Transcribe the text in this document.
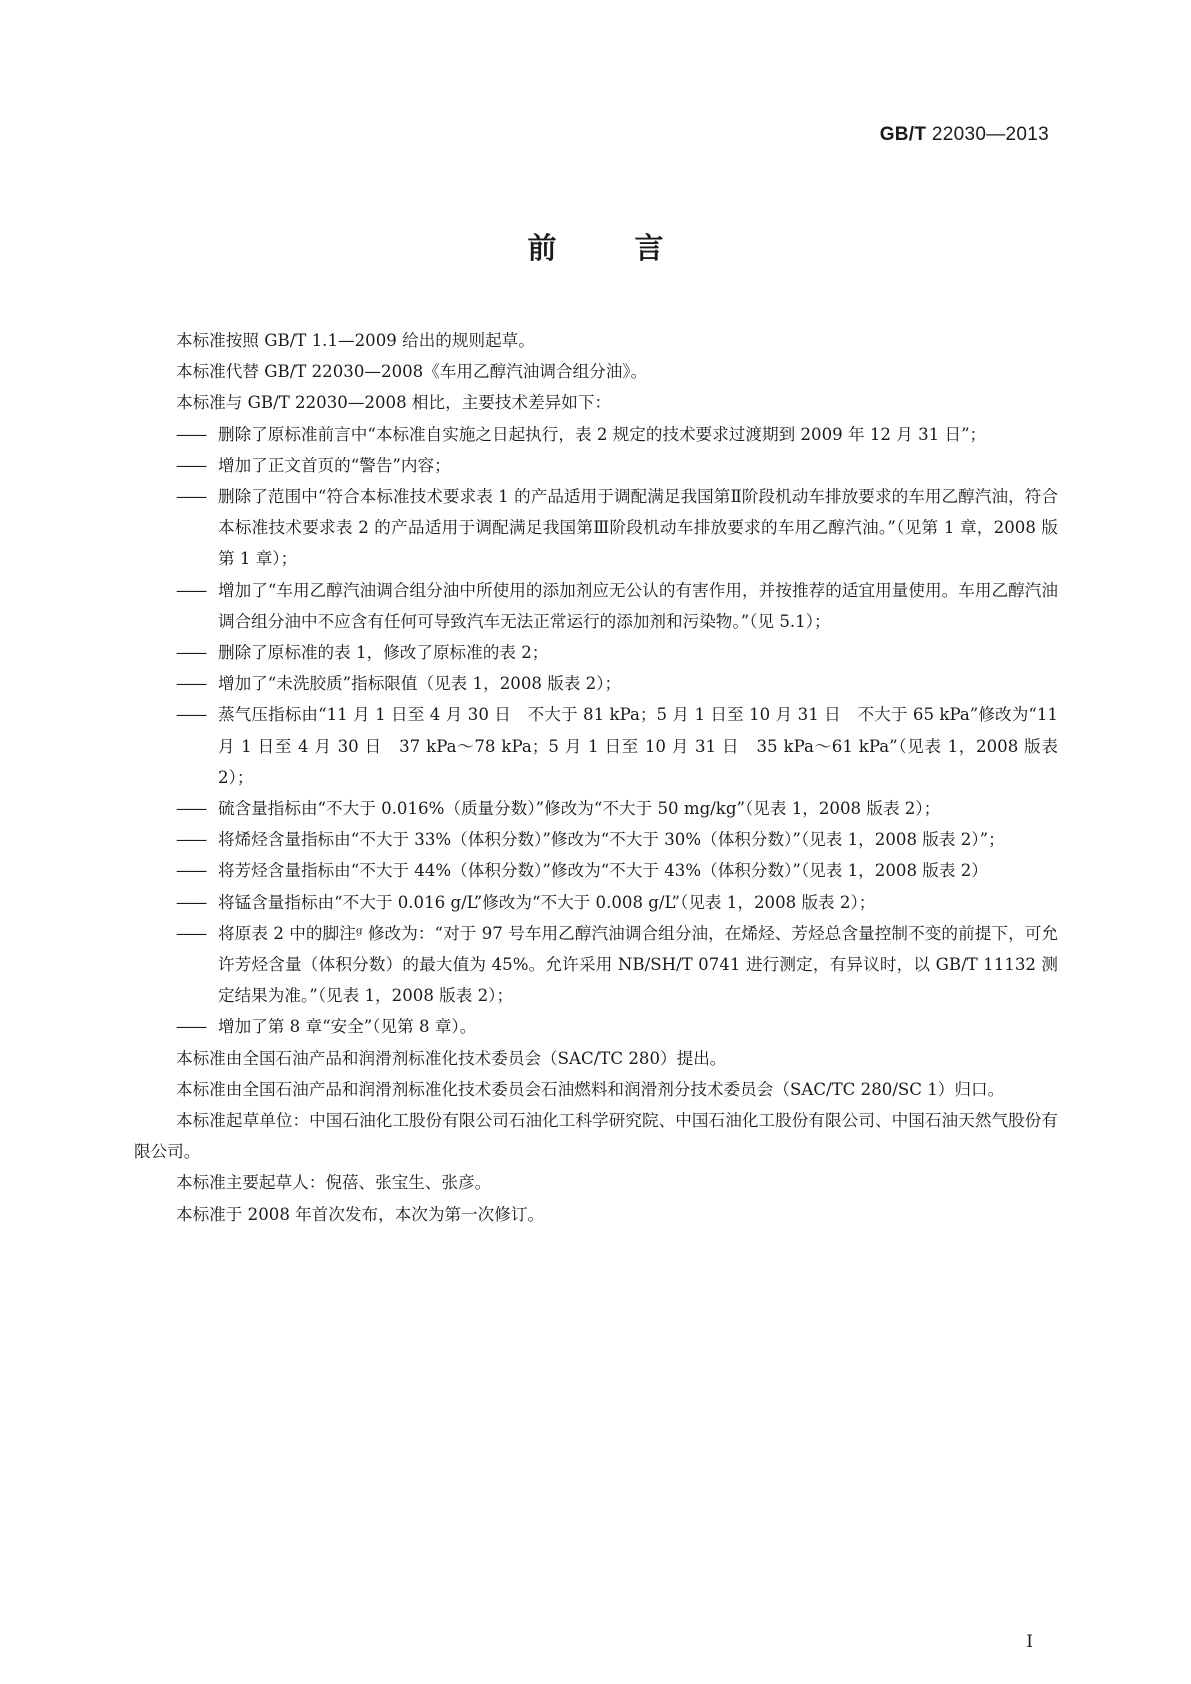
GB/T 22030—2013
前 言

本标准按照 GB/T 1.1—2009 给出的规则起草。

本标准代替 GB/T 22030—2008《车用乙醇汽油调合组分油》。

本标准与 GB/T 22030—2008 相比，主要技术差异如下：

—— 删除了原标准前言中“本标准自实施之日起执行，表 2 规定的技术要求过渡期到 2009 年 12 月 31 日”；
—— 增加了正文首页的“警告”内容；
—— 删除了范围中“符合本标准技术要求表 1 的产品适用于调配满足我国第Ⅱ阶段机动车排放要求的车用乙醇汽油，符合本标准技术要求表 2 的产品适用于调配满足我国第Ⅲ阶段机动车排放要求的车用乙醇汽油。”（见第 1 章，2008 版第 1 章）；
—— 增加了“车用乙醇汽油调合组分油中所使用的添加剂应无公认的有害作用，并按推荐的适宜用量使用。车用乙醇汽油调合组分油中不应含有任何可导致汽车无法正常运行的添加剂和污染物。”（见 5.1）；
—— 删除了原标准的表 1，修改了原标准的表 2；
—— 增加了“未洗胶质”指标限值（见表 1，2008 版表 2）；
—— 蒸气压指标由“11 月 1 日至 4 月 30 日　不大于 81 kPa；5 月 1 日至 10 月 31 日　不大于 65 kPa”修改为“11 月 1 日至 4 月 30 日　37 kPa～78 kPa；5 月 1 日至 10 月 31 日　35 kPa～61 kPa”（见表 1，2008 版表 2）；
—— 硫含量指标由“不大于 0.016%（质量分数）”修改为“不大于 50 mg/kg”（见表 1，2008 版表 2）；
—— 将烯烃含量指标由“不大于 33%（体积分数）”修改为“不大于 30%（体积分数）”（见表 1，2008 版表 2）”；
—— 将芳烃含量指标由“不大于 44%（体积分数）”修改为“不大于 43%（体积分数）”（见表 1，2008 版表 2）
—— 将锰含量指标由“不大于 0.016 g/L”修改为“不大于 0.008 g/L”（见表 1，2008 版表 2）；
—— 将原表 2 中的脚注ᵍ 修改为：“对于 97 号车用乙醇汽油调合组分油，在烯烃、芳烃总含量控制不变的前提下，可允许芳烃含量（体积分数）的最大值为 45%。允许采用 NB/SH/T 0741 进行测定，有异议时，以 GB/T 11132 测定结果为准。”（见表 1，2008 版表 2）；
—— 增加了第 8 章“安全”（见第 8 章）。

本标准由全国石油产品和润滑剂标准化技术委员会（SAC/TC 280）提出。

本标准由全国石油产品和润滑剂标准化技术委员会石油燃料和润滑剂分技术委员会（SAC/TC 280/SC 1）归口。

本标准起草单位：中国石油化工股份有限公司石油化工科学研究院、中国石油化工股份有限公司、中国石油天然气股份有限公司。

本标准主要起草人：倪蓓、张宝生、张彦。

本标准于 2008 年首次发布，本次为第一次修订。

I
